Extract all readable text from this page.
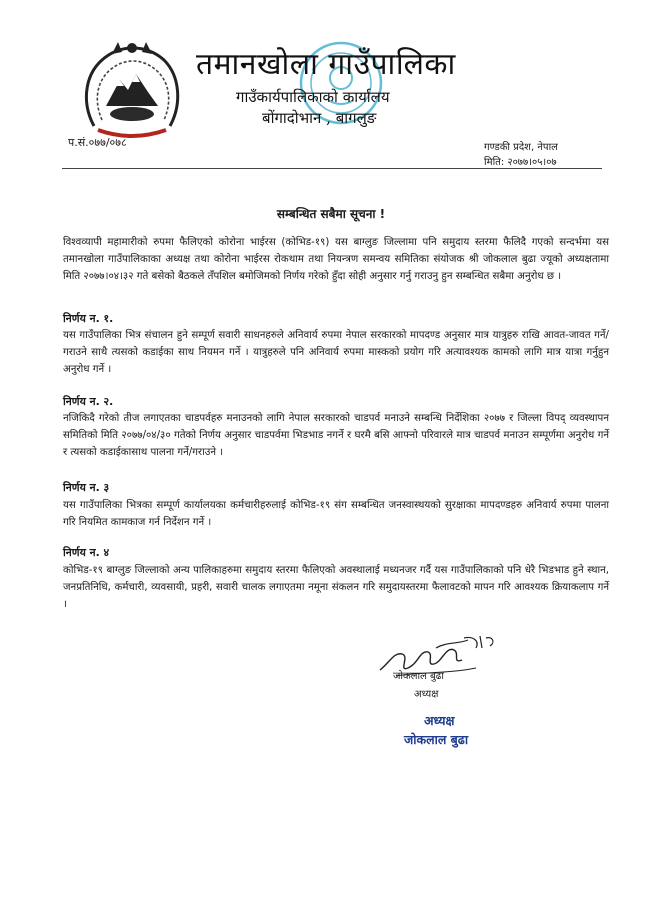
तमानखोला गाउँपालिका
गाउँकार्यपालिकाको कार्यालय
बोंगादोभान , बागलुङ
प.सं.०७७/०७८	गण्डकी प्रदेश, नेपाल
मिति: २०७७।०५।०७
सम्बन्धित सबैमा सूचना !
विश्वव्यापी महामारीको रुपमा फैलिएको कोरोना भाईरस (कोभिड-१९) यस बाग्लुङ जिल्लामा पनि समुदाय स्तरमा फैलिदै गएको सन्दर्भमा यस तमानखोला गाउँपालिकाका अध्यक्ष तथा कोरोना भाईरस रोकथाम तथा नियन्त्रण समन्वय समितिका संयोजक श्री जोकलाल बुढा ज्यूको अध्यक्षतामा मिति २०७७।०४।३२ गते बसेको बैठकले तँपशिल बमोजिमको निर्णय गरेको हुँदा सोही अनुसार गर्नु गराउनु हुन सम्बन्धित सबैमा अनुरोध छ ।
निर्णय न. १.
यस गाउँपालिका भित्र संचालन हुने सम्पूर्ण सवारी साधनहरुले अनिवार्य रुपमा नेपाल सरकारको मापदण्ड अनुसार मात्र यात्रुहरु राखि आवत-जावत गर्ने/गराउने साथै त्यसको कडाईका साथ नियमन गर्ने । यात्रुहरुले पनि अनिवार्य रुपमा मास्कको प्रयोग गरि अत्यावश्यक कामको लागि मात्र यात्रा गर्नुहुन अनुरोध गर्ने ।
निर्णय न. २.
नजिकिदै गरेको तीज लगाएतका चाडपर्वहरु मनाउनको लागि नेपाल सरकारको चाडपर्व मनाउने सम्बन्धि निर्देशिका २०७७ र जिल्ला विपद् व्यवस्थापन समितिको मिति २०७७/०४/३० गतेको निर्णय अनुसार चाडपर्वमा भिडभाड नगर्ने र घरमै बसि आफ्नो परिवारले मात्र चाडपर्व मनाउन सम्पूर्णमा अनुरोध गर्ने र त्यसको कडाईकासाथ पालना गर्ने/गराउने ।
निर्णय न. ३
यस गाउँपालिका भित्रका सम्पूर्ण कार्यालयका कर्मचारीहरुलाई कोभिड-१९ संग सम्बन्धित जनस्वास्थयको सुरक्षाका मापदण्डहरु अनिवार्य रुपमा पालना गरि नियमित कामकाज गर्न निर्देशन गर्ने ।
निर्णय न. ४
कोभिड-१९ बाग्लुङ जिल्लाको अन्य पालिकाहरुमा समुदाय स्तरमा फैलिएको अवस्थालाई मध्यनजर गर्दै यस गाउँपालिकाको पनि धेरै भिडभाड हुने स्थान, जनप्रतिनिधि, कर्मचारी, व्यवसायी, प्रहरी, सवारी चालक लगाएतमा नमूना संकलन गरि समुदायस्तरमा फैलावटको मापन गरि आवश्यक क्रियाकलाप गर्ने ।
जोकलाल बुढा
अध्यक्ष
अध्यक्ष
जोकलाल बुढा
